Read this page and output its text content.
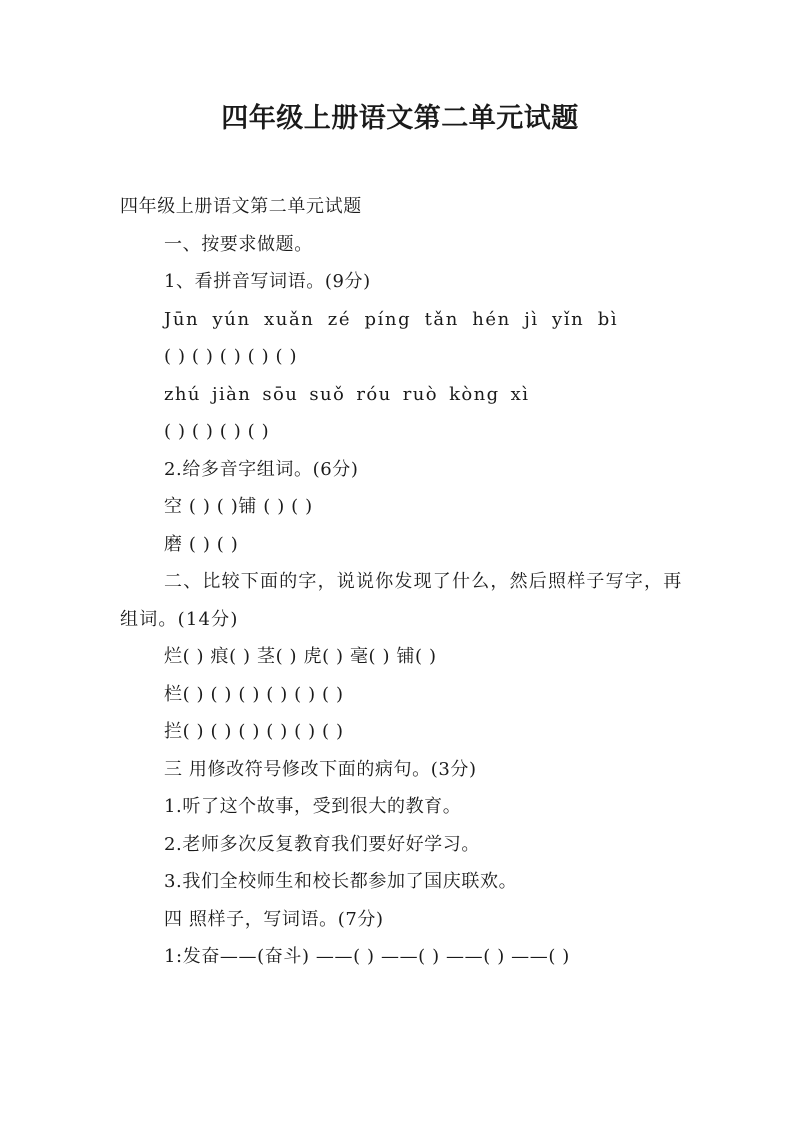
四年级上册语文第二单元试题
四年级上册语文第二单元试题
一、按要求做题。
1、看拼音写词语。(9分)
Jūn yún xuǎn zé píng tǎn hén jì yǐn bì
( ) ( ) ( ) ( ) ( )
zhú jiàn sōu suǒ róu ruò kòng xì
( ) ( ) ( ) ( )
2.给多音字组词。(6分)
空 ( ) ( )铺 ( ) ( )
磨 ( ) ( )
二、比较下面的字，说说你发现了什么，然后照样子写字，再组词。(14分)
烂( ) 痕( ) 茎( ) 虎( ) 毫( ) 铺( )
栏( ) ( ) ( ) ( ) ( ) ( )
拦( ) ( ) ( ) ( ) ( ) ( )
三 用修改符号修改下面的病句。(3分)
1.听了这个故事，受到很大的教育。
2.老师多次反复教育我们要好好学习。
3.我们全校师生和校长都参加了国庆联欢。
四 照样子，写词语。(7分)
1:发奋——(奋斗) ——( ) ——( ) ——( ) ——( )
